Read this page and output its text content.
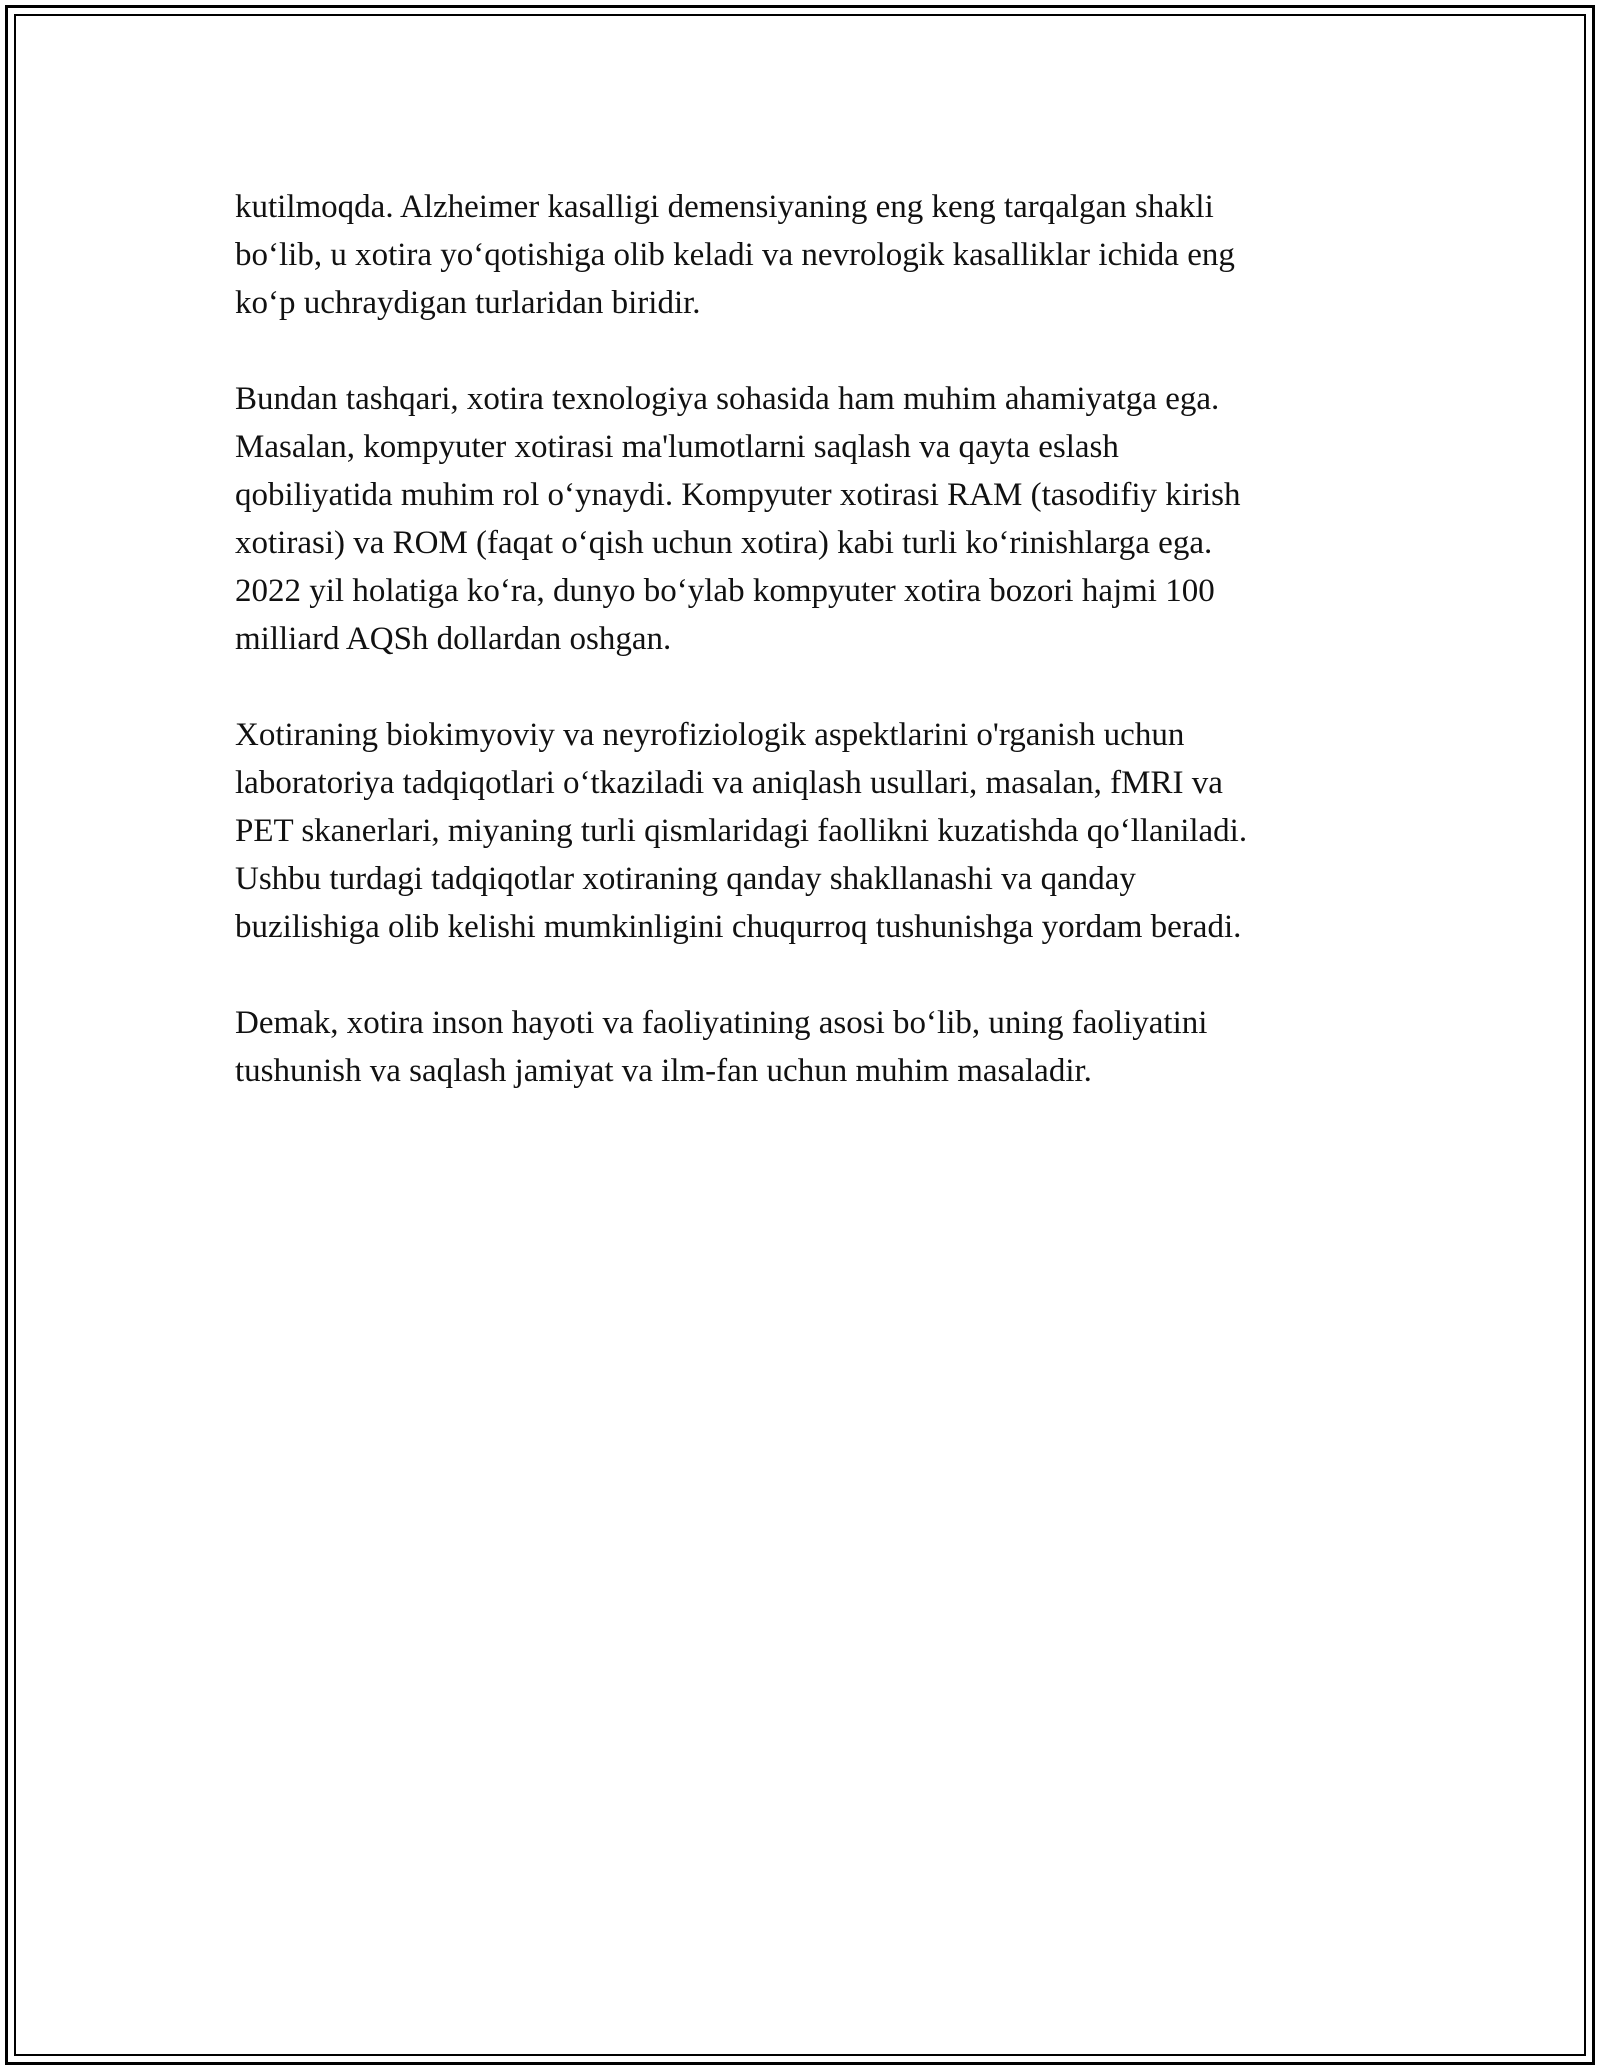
kutilmoqda. Alzheimer kasalligi demensiyaning eng keng tarqalgan shakli
bo‘lib, u xotira yo‘qotishiga olib keladi va nevrologik kasalliklar ichida eng
ko‘p uchraydigan turlaridan biridir.

Bundan tashqari, xotira texnologiya sohasida ham muhim ahamiyatga ega.
Masalan, kompyuter xotirasi ma'lumotlarni saqlash va qayta eslash
qobiliyatida muhim rol o‘ynaydi. Kompyuter xotirasi RAM (tasodifiy kirish
xotirasi) va ROM (faqat o‘qish uchun xotira) kabi turli ko‘rinishlarga ega.
2022 yil holatiga ko‘ra, dunyo bo‘ylab kompyuter xotira bozori hajmi 100
milliard AQSh dollardan oshgan.

Xotiraning biokimyoviy va neyrofiziologik aspektlarini o'rganish uchun
laboratoriya tadqiqotlari o‘tkaziladi va aniqlash usullari, masalan, fMRI va
PET skanerlari, miyaning turli qismlaridagi faollikni kuzatishda qo‘llaniladi.
Ushbu turdagi tadqiqotlar xotiraning qanday shakllanashi va qanday
buzilishiga olib kelishi mumkinligini chuqurroq tushunishga yordam beradi.

Demak, xotira inson hayoti va faoliyatining asosi bo‘lib, uning faoliyatini
tushunish va saqlash jamiyat va ilm-fan uchun muhim masaladir.
